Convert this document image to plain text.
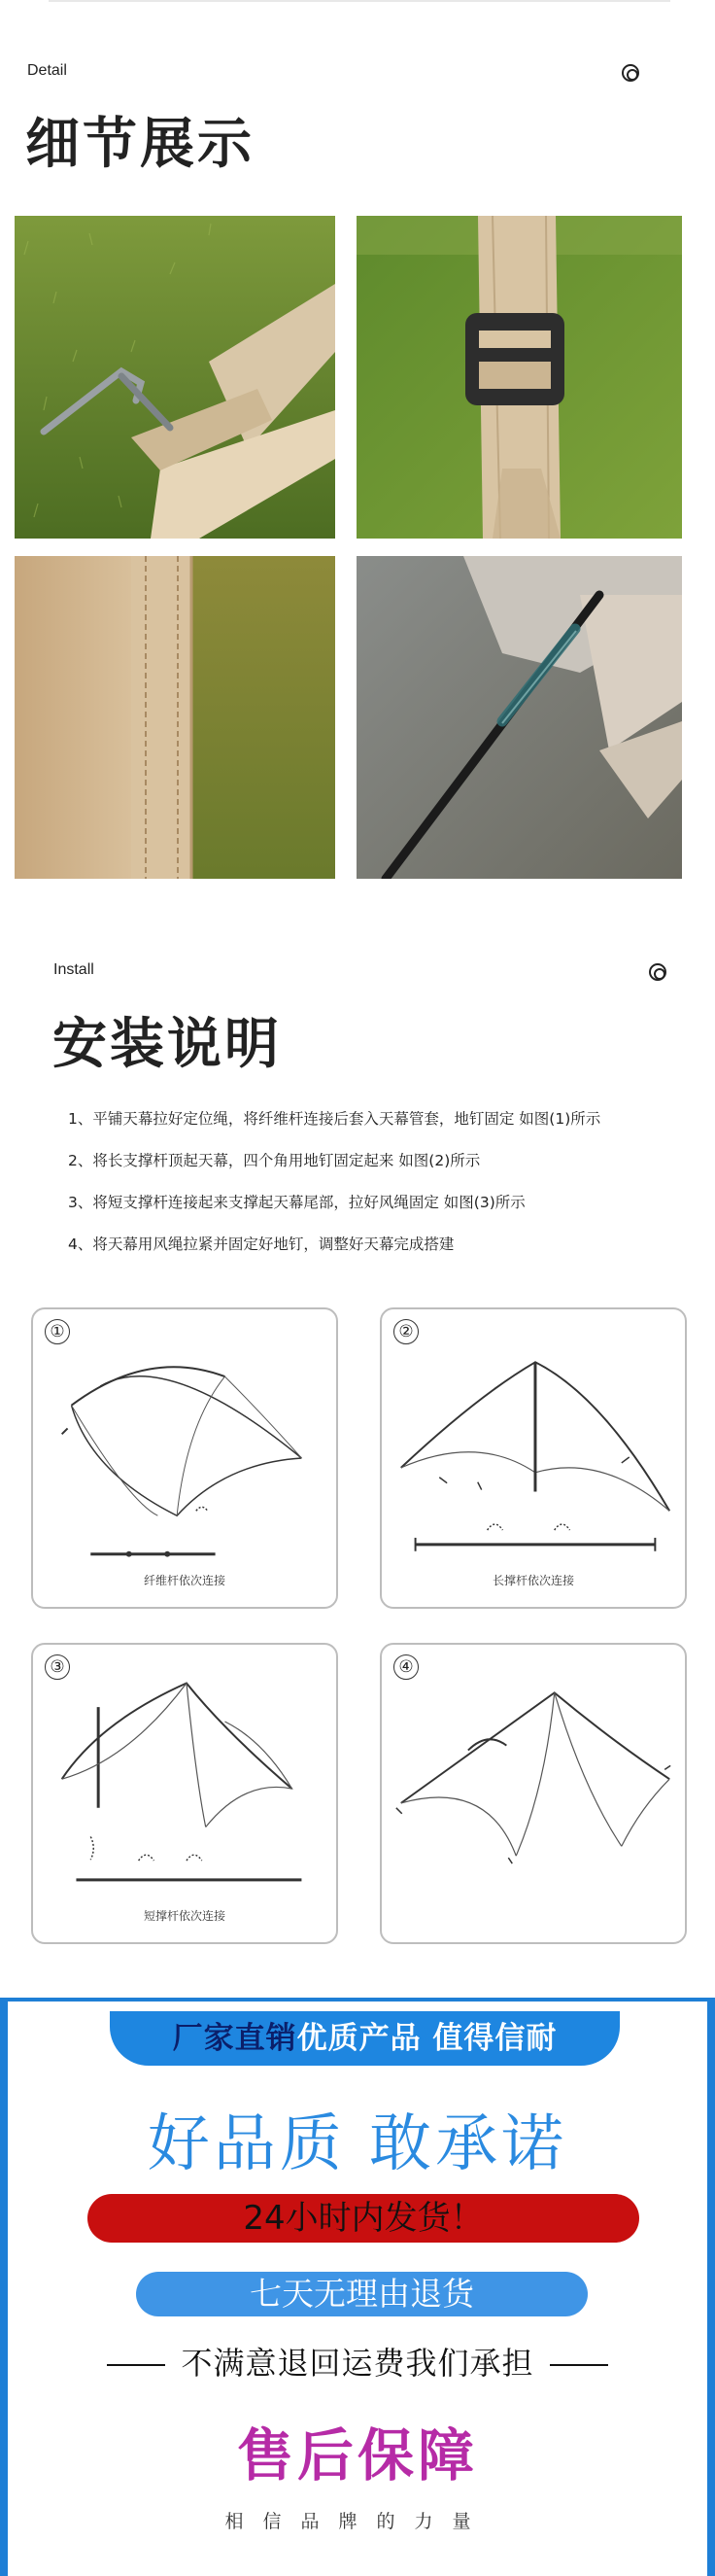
Detail
细节展示
Install
安装说明
1、平铺天幕拉好定位绳，将纤维杆连接后套入天幕管套，地钉固定 如图(1)所示
2、将长支撑杆顶起天幕，四个角用地钉固定起来 如图(2)所示
3、将短支撑杆连接起来支撑起天幕尾部，拉好风绳固定 如图(3)所示
4、将天幕用风绳拉紧并固定好地钉，调整好天幕完成搭建
①
纤维杆依次连接
②
长撑杆依次连接
③
短撑杆依次连接
④
厂家直销优质产品 值得信耐
好品质 敢承诺
24小时内发货！
七天无理由退货
不满意退回运费我们承担
售后保障
相信品牌的力量
